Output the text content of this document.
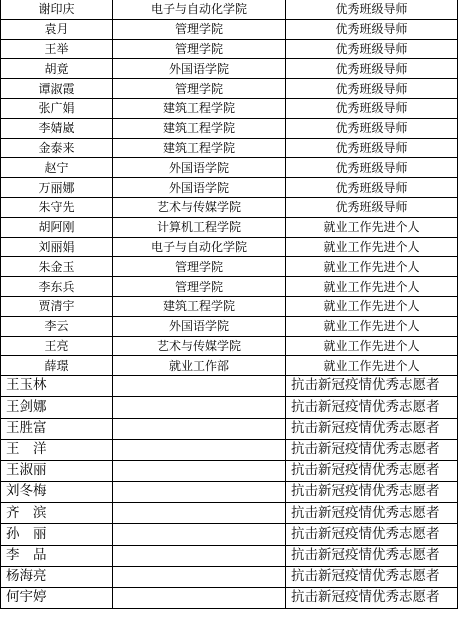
谢印庆	电子与自动化学院	优秀班级导师
袁月	管理学院	优秀班级导师
王举	管理学院	优秀班级导师
胡竟	外国语学院	优秀班级导师
谭淑霞	管理学院	优秀班级导师
张广娟	建筑工程学院	优秀班级导师
李婧崴	建筑工程学院	优秀班级导师
金泰来	建筑工程学院	优秀班级导师
赵宁	外国语学院	优秀班级导师
万丽娜	外国语学院	优秀班级导师
朱守先	艺术与传媒学院	优秀班级导师
胡阿刚	计算机工程学院	就业工作先进个人
刘丽娟	电子与自动化学院	就业工作先进个人
朱金玉	管理学院	就业工作先进个人
李东兵	管理学院	就业工作先进个人
贾清宇	建筑工程学院	就业工作先进个人
李云	外国语学院	就业工作先进个人
王亮	艺术与传媒学院	就业工作先进个人
薛璟	就业工作部	就业工作先进个人
王玉林		抗击新冠疫情优秀志愿者
王剑娜		抗击新冠疫情优秀志愿者
王胜富		抗击新冠疫情优秀志愿者
王　洋		抗击新冠疫情优秀志愿者
王淑丽		抗击新冠疫情优秀志愿者
刘冬梅		抗击新冠疫情优秀志愿者
齐　滨		抗击新冠疫情优秀志愿者
孙　丽		抗击新冠疫情优秀志愿者
李　品		抗击新冠疫情优秀志愿者
杨海亮		抗击新冠疫情优秀志愿者
何宇婷		抗击新冠疫情优秀志愿者
